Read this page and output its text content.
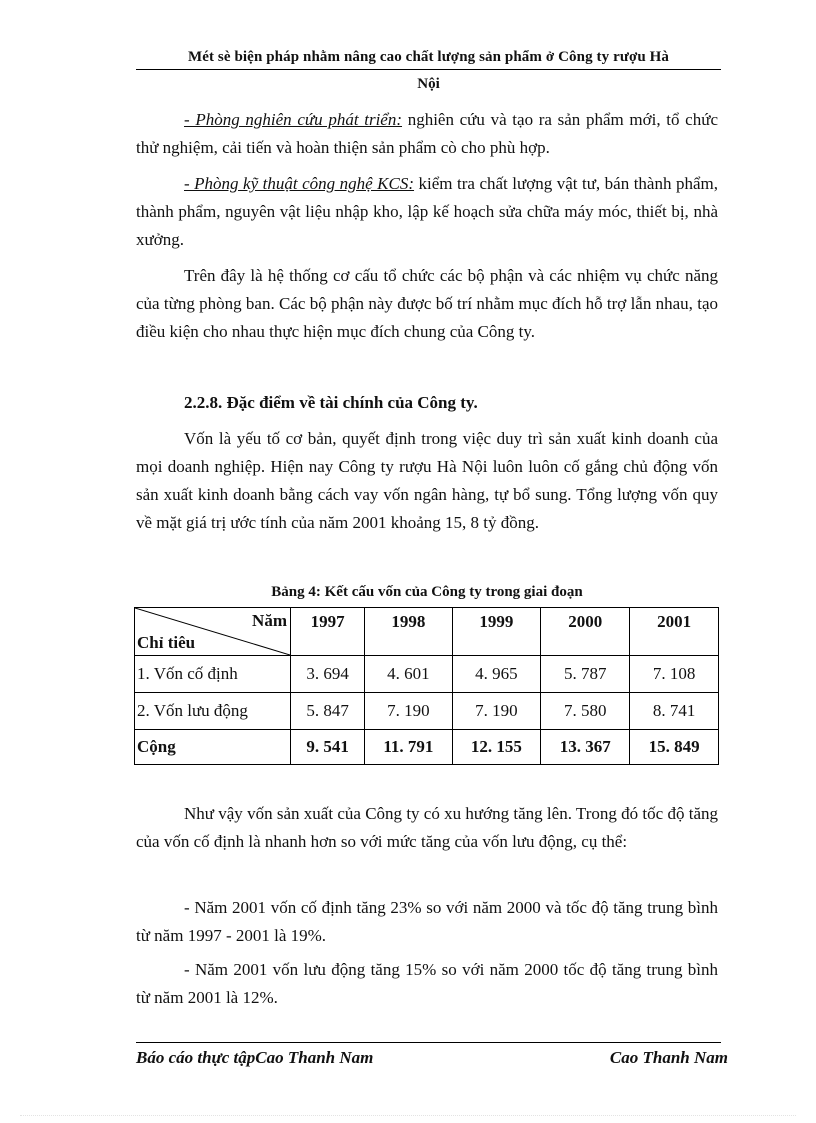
Mét sè biện pháp nhằm nâng cao chất lượng sản phẩm ở Công ty rượu Hà
Nội

- Phòng nghiên cứu phát triển: nghiên cứu và tạo ra sản phẩm mới, tổ chức thử nghiệm, cải tiến và hoàn thiện sản phẩm cò cho phù hợp.

- Phòng kỹ thuật công nghệ KCS: kiểm tra chất lượng vật tư, bán thành phẩm, thành phẩm, nguyên vật liệu nhập kho, lập kế hoạch sửa chữa máy móc, thiết bị, nhà xưởng.

Trên đây là hệ thống cơ cấu tổ chức các bộ phận và các nhiệm vụ chức năng của từng phòng ban. Các bộ phận này được bố trí nhằm mục đích hỗ trợ lẫn nhau, tạo điều kiện cho nhau thực hiện mục đích chung của Công ty.

2.2.8. Đặc điểm về tài chính của Công ty.

Vốn là yếu tố cơ bản, quyết định trong việc duy trì sản xuất kinh doanh của mọi doanh nghiệp. Hiện nay Công ty rượu Hà Nội luôn luôn cố gắng chủ động vốn sản xuất kinh doanh bằng cách vay vốn ngân hàng, tự bổ sung. Tổng lượng vốn quy về mặt giá trị ước tính của năm 2001 khoảng 15, 8 tỷ đồng.

Bảng 4: Kết cấu vốn của Công ty trong giai đoạn
Năm
Chỉ tiêu	1997	1998	1999	2000	2001
1. Vốn cố định	3. 694	4. 601	4. 965	5. 787	7. 108
2. Vốn lưu động	5. 847	7. 190	7. 190	7. 580	8. 741
Cộng	9. 541	11. 791	12. 155	13. 367	15. 849

Như vậy vốn sản xuất của Công ty có xu hướng tăng lên. Trong đó tốc độ tăng của vốn cố định là nhanh hơn so với mức tăng của vốn lưu động, cụ thể:

- Năm 2001 vốn cố định tăng 23% so với năm 2000 và tốc độ tăng trung bình từ năm 1997 - 2001 là 19%.

- Năm 2001 vốn lưu động tăng 15% so với năm 2000 tốc độ tăng trung bình từ năm 2001 là 12%.

Báo cáo thực tậpCao Thanh Nam	Cao Thanh Nam
